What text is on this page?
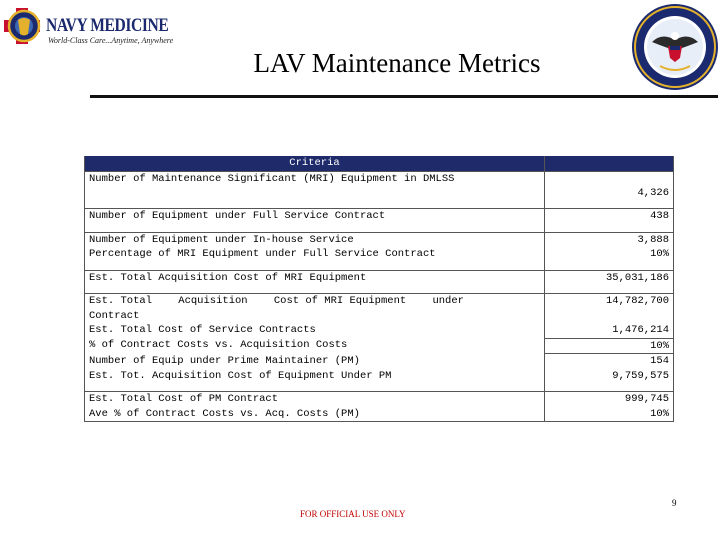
NAVY MEDICINE
World-Class Care...Anytime, Anywhere
LAV Maintenance Metrics
Criteria	
Number of Maintenance Significant (MRI) Equipment in DMLSS	4,326

Number of Equipment under Full Service Contract	438

Number of Equipment under In-house Service	3,888
Percentage of MRI Equipment under Full Service Contract	10%

Est. Total Acquisition Cost of MRI Equipment	35,031,186

Est. Total Acquisition Cost of MRI Equipment under
Contract	14,782,700
Est. Total Cost of Service Contracts	1,476,214
% of Contract Costs vs. Acquisition Costs	10%
Number of Equip under Prime Maintainer (PM)	154
Est. Tot. Acquisition Cost of Equipment Under PM	9,759,575

Est. Total Cost of PM Contract	999,745
Ave % of Contract Costs vs. Acq. Costs (PM)	10%
FOR OFFICIAL USE ONLY
9
